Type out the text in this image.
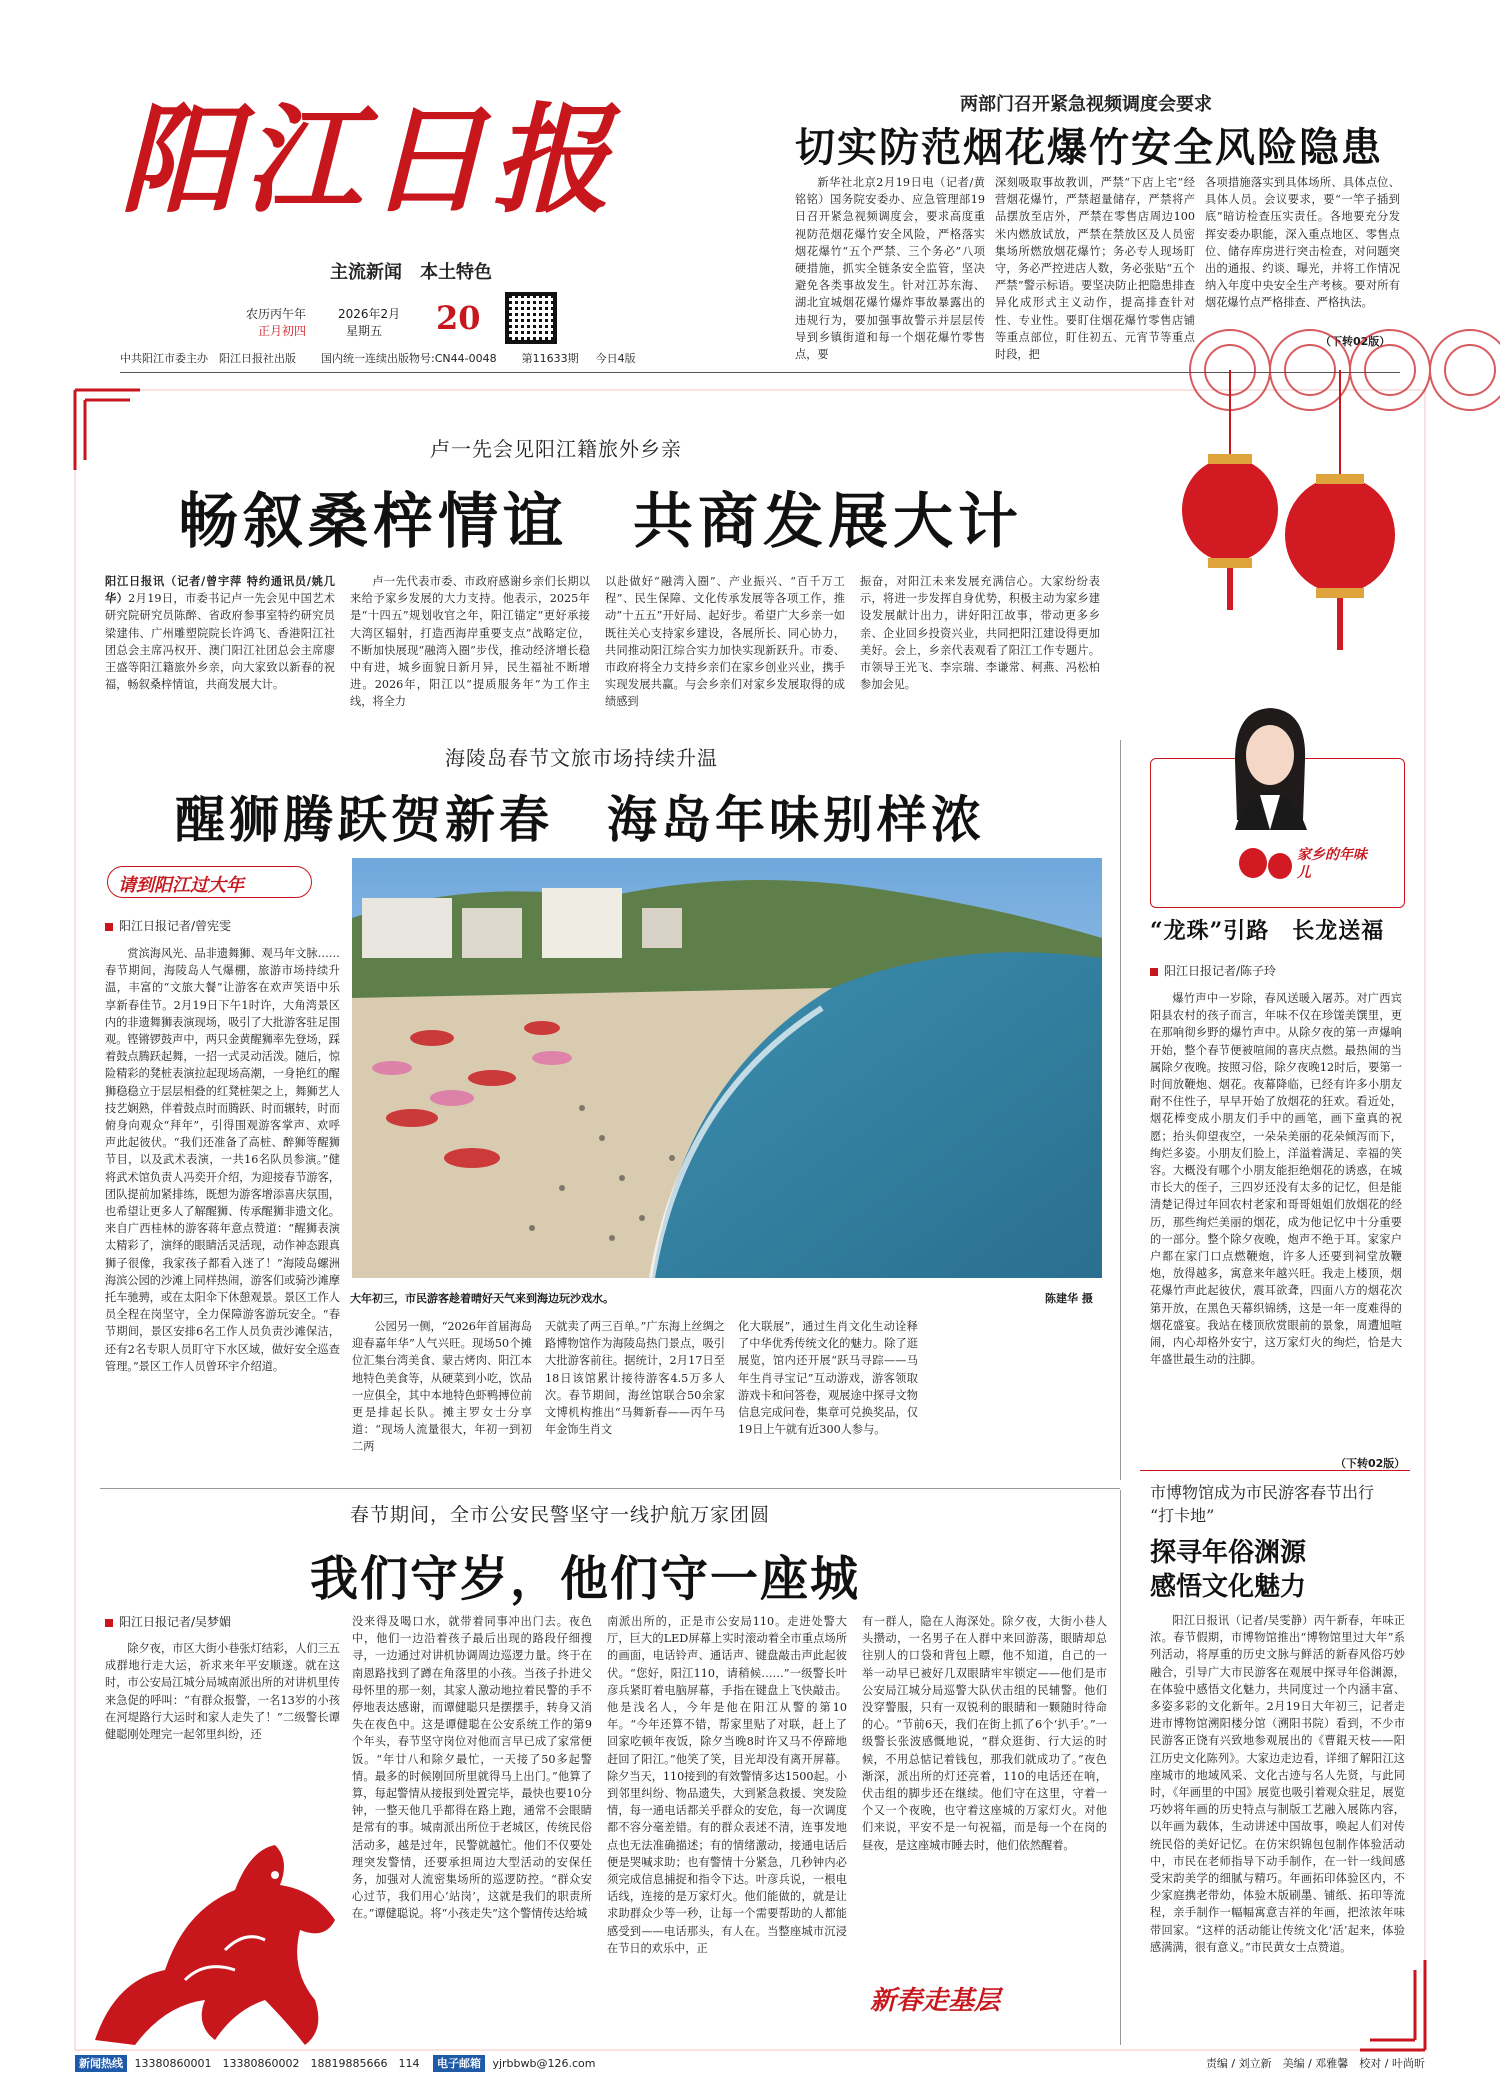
阳江日报
主流新闻　本土特色
农历丙午年
正月初四
2026年2月
星期五 20
中共阳江市委主办　阳江日报社出版 国内统一连续出版物号:CN44-0048 第11633期 今日4版
两部门召开紧急视频调度会要求
切实防范烟花爆竹安全风险隐患

新华社北京2月19日电（记者/黄铭铭）国务院安委办、应急管理部19日召开紧急视频调度会，要求高度重视防范烟花爆竹安全风险，严格落实烟花爆竹“五个严禁、三个务必”八项硬措施，抓实全链条安全监管，坚决避免各类事故发生。针对江苏东海、湖北宜城烟花爆竹爆炸事故暴露出的违规行为，要加强事故警示并层层传导到乡镇街道和每一个烟花爆竹零售点，要

深刻吸取事故教训，严禁“下店上宅”经营烟花爆竹，严禁超量储存，严禁将产品摆放至店外，严禁在零售店周边100米内燃放试放，严禁在禁放区及人员密集场所燃放烟花爆竹；务必专人现场盯守，务必严控进店人数，务必张贴“五个严禁”警示标语。要坚决防止把隐患排查异化成形式主义动作，提高排查针对性、专业性。要盯住烟花爆竹零售店铺等重点部位，盯住初五、元宵节等重点时段，把

各项措施落实到具体场所、具体点位、具体人员。会议要求，要“一竿子插到底”暗访检查压实责任。各地要充分发挥安委办职能，深入重点地区、零售点位、储存库房进行突击检查，对问题突出的通报、约谈、曝光，并将工作情况纳入年度中央安全生产考核。要对所有烟花爆竹点严格排查、严格执法。

（下转02版）
卢一先会见阳江籍旅外乡亲
畅叙桑梓情谊　共商发展大计

阳江日报讯（记者/曾宇萍 特约通讯员/姚几华）2月19日，市委书记卢一先会见中国艺术研究院研究员陈醉、省政府参事室特约研究员梁建伟、广州雕塑院院长许鸿飞、香港阳江社团总会主席冯权开、澳门阳江社团总会主席廖王盛等阳江籍旅外乡亲，向大家致以新春的祝福，畅叙桑梓情谊，共商发展大计。

卢一先代表市委、市政府感谢乡亲们长期以来给予家乡发展的大力支持。他表示，2025年是“十四五”规划收官之年，阳江锚定“更好承接大湾区辐射，打造西海岸重要支点”战略定位，不断加快展现“融湾入圈”步伐，推动经济增长稳中有进，城乡面貌日新月异，民生福祉不断增进。2026年，阳江以“提质服务年”为工作主线，将全力

以赴做好“融湾入圈”、产业振兴、“百千万工程”、民生保障、文化传承发展等各项工作，推动“十五五”开好局、起好步。希望广大乡亲一如既往关心支持家乡建设，各展所长、同心协力，共同推动阳江综合实力加快实现新跃升。市委、市政府将全力支持乡亲们在家乡创业兴业，携手实现发展共赢。与会乡亲们对家乡发展取得的成绩感到

振奋，对阳江未来发展充满信心。大家纷纷表示，将进一步发挥自身优势，积极主动为家乡建设发展献计出力，讲好阳江故事，带动更多乡亲、企业回乡投资兴业，共同把阳江建设得更加美好。会上，乡亲代表观看了阳江工作专题片。市领导王光飞、李宗瑞、李谦常、柯燕、冯松柏参加会见。

海陵岛春节文旅市场持续升温
醒狮腾跃贺新春　海岛年味别样浓
请到阳江过大年
阳江日报记者/曾宪雯

赏滨海风光、品非遗舞狮、观马年文脉……春节期间，海陵岛人气爆棚，旅游市场持续升温，丰富的“文旅大餐”让游客在欢声笑语中乐享新春佳节。2月19日下午1时许，大角湾景区内的非遗舞狮表演现场，吸引了大批游客驻足围观。铿锵锣鼓声中，两只金黄醒狮率先登场，踩着鼓点腾跃起舞，一招一式灵动活泼。随后，惊险精彩的凳桩表演拉起现场高潮，一身艳红的醒狮稳稳立于层层相叠的红凳桩架之上，舞狮艺人技艺娴熟，伴着鼓点时而腾跃、时而辗转，时而俯身向观众“拜年”，引得围观游客掌声、欢呼声此起彼伏。“我们还准备了高桩、醉狮等醒狮节目，以及武术表演，一共16名队员参演。”健将武术馆负责人冯奕开介绍，为迎接春节游客，团队提前加紧排练，既想为游客增添喜庆氛围，也希望让更多人了解醒狮、传承醒狮非遗文化。来自广西桂林的游客蒋年意点赞道：“醒狮表演太精彩了，演绎的眼睛活灵活现，动作神态跟真狮子很像，我家孩子都看入迷了！”海陵岛螺洲海滨公园的沙滩上同样热闹，游客们或骑沙滩摩托车驰骋，或在太阳伞下休憩观景。景区工作人员全程在岗坚守，全力保障游客游玩安全。“春节期间，景区安排6名工作人员负责沙滩保洁，还有2名专职人员盯守下水区域，做好安全巡查管理。”景区工作人员曾环宇介绍道。

大年初三，市民游客趁着晴好天气来到海边玩沙戏水。	陈建华 摄

公园另一侧，“2026年首届海岛迎春嘉年华”人气兴旺。现场50个摊位汇集台湾美食、蒙古烤肉、阳江本地特色美食等，从硬菜到小吃，饮品一应俱全，其中本地特色虾鸭搏位前更是排起长队。摊主罗女士分享道：“现场人流量很大，年初一到初二两

天就卖了两三百单。”广东海上丝绸之路博物馆作为海陵岛热门景点，吸引大批游客前往。据统计，2月17日至18日该馆累计接待游客4.5万多人次。春节期间，海丝馆联合50余家文博机构推出“马舞新春——丙午马年金饰生肖文

化大联展”，通过生肖文化生动诠释了中华优秀传统文化的魅力。除了逛展览，馆内还开展“跃马寻踪——马年生肖寻宝记”互动游戏，游客领取游戏卡和问答卷，观展途中探寻文物信息完成问卷，集章可兑换奖品，仅19日上午就有近300人参与。

家乡的年味儿
“龙珠”引路　长龙送福
阳江日报记者/陈子玲

爆竹声中一岁除，春风送暖入屠苏。对广西宾阳县农村的孩子而言，年味不仅在珍馐美馔里，更在那响彻乡野的爆竹声中。从除夕夜的第一声爆响开始，整个春节便被喧闹的喜庆点燃。最热闹的当属除夕夜晚。按照习俗，除夕夜晚12时后，要第一时间放鞭炮、烟花。夜幕降临，已经有许多小朋友耐不住性子，早早开始了放烟花的狂欢。看近处，烟花棒变成小朋友们手中的画笔，画下童真的祝愿；抬头仰望夜空，一朵朵美丽的花朵倾泻而下，绚烂多姿。小朋友们脸上，洋溢着满足、幸福的笑容。大概没有哪个小朋友能拒绝烟花的诱惑，在城市长大的侄子，三四岁还没有太多的记忆，但是能清楚记得过年回农村老家和哥哥姐姐们放烟花的经历，那些绚烂美丽的烟花，成为他记忆中十分重要的一部分。整个除夕夜晚，炮声不绝于耳。家家户户都在家门口点燃鞭炮，许多人还要到祠堂放鞭炮，放得越多，寓意来年越兴旺。我走上楼顶，烟花爆竹声此起彼伏，震耳欲聋，四面八方的烟花次第开放，在黑色天幕织锦绣，这是一年一度难得的烟花盛宴。我站在楼顶欣赏眼前的景象，周遭旭喧闹，内心却格外安宁，这万家灯火的绚烂，恰是大年盛世最生动的注脚。

（下转02版）
市博物馆成为市民游客春节出行
“打卡地”
探寻年俗渊源
感悟文化魅力

阳江日报讯（记者/吴雯静）丙午新春，年味正浓。春节假期，市博物馆推出“博物馆里过大年”系列活动，将厚重的历史文脉与鲜活的新春风俗巧妙融合，引导广大市民游客在观展中探寻年俗渊源，在体验中感悟文化魅力，共同度过一个内涵丰富、多姿多彩的文化新年。2月19日大年初三，记者走进市博物馆溯阳楼分馆（溯阳书院）看到，不少市民游客正饶有兴致地参观展出的《曹錕天枝——阳江历史文化陈列》。大家边走边看，详细了解阳江这座城市的地域风采、文化古迹与名人先贤，与此同时，《年画里的中国》展览也吸引着观众驻足，展览巧妙将年画的历史特点与制版工艺融入展陈内容，以年画为载体，生动讲述中国故事，唤起人们对传统民俗的美好记忆。在仿宋织锦包包制作体验活动中，市民在老师指导下动手制作，在一针一线间感受宋韵美学的细腻与精巧。年画拓印体验区内，不少家庭携老带幼，体验木版刷墨、铺纸、拓印等流程，亲手制作一幅幅寓意吉祥的年画，把浓浓年味带回家。“这样的活动能让传统文化‘活’起来，体验感满满，很有意义。”市民黄女士点赞道。

春节期间，全市公安民警坚守一线护航万家团圆
我们守岁，他们守一座城
阳江日报记者/吴梦媚

除夕夜，市区大街小巷张灯结彩，人们三五成群地行走大运，祈求来年平安顺遂。就在这时，市公安局江城分局城南派出所的对讲机里传来急促的呼叫：“有群众报警，一名13岁的小孩在河堤路行大运时和家人走失了！”二级警长谭健聪刚处理完一起邻里纠纷，还

没来得及喝口水，就带着同事冲出门去。夜色中，他们一边沿着孩子最后出现的路段仔细搜寻，一边通过对讲机协调周边巡逻力量。终于在南恩路找到了蹲在角落里的小孩。当孩子扑进父母怀里的那一刻，其家人激动地拉着民警的手不停地表达感谢，而谭健聪只是摆摆手，转身又消失在夜色中。这是谭健聪在公安系统工作的第9个年头，春节坚守岗位对他而言早已成了家常便饭。“年廿八和除夕最忙，一天接了50多起警情。最多的时候刚回所里就得马上出门。”他算了算，每起警情从接报到处置完毕，最快也要10分钟，一整天他几乎都得在路上跑，通常不会眼睛是常有的事。城南派出所位于老城区，传统民俗活动多，越是过年，民警就越忙。他们不仅要处理突发警情，还要承担周边大型活动的安保任务，加强对人流密集场所的巡逻防控。“群众安心过节，我们用心‘站岗’，这就是我们的职责所在。”谭健聪说。将“小孩走失”这个警情传达给城

南派出所的，正是市公安局110。走进处警大厅，巨大的LED屏幕上实时滚动着全市重点场所的画面，电话铃声、通话声、键盘敲击声此起彼伏。“您好，阳江110，请稍候……”一级警长叶彦兵紧盯着电脑屏幕，手指在键盘上飞快敲击。他是浅名人，今年是他在阳江从警的第10年。“今年还算不错，帮家里贴了对联，赶上了回家吃顿年夜饭，除夕当晚8时许又马不停蹄地赶回了阳江。”他笑了笑，目光却没有离开屏幕。除夕当天，110接到的有效警情多达1500起。小到邻里纠纷、物品遗失，大到紧急救援、突发险情，每一通电话都关乎群众的安危，每一次调度都不容分毫差错。有的群众表述不清，连事发地点也无法准确描述；有的情绪激动，接通电话后便是哭喊求助；也有警情十分紧急，几秒钟内必须完成信息捕捉和指令下达。叶彦兵说，一根电话线，连接的是万家灯火。他们能做的，就是让求助群众少等一秒，让每一个需要帮助的人都能感受到——电话那头，有人在。当整座城市沉浸在节日的欢乐中，正

有一群人，隐在人海深处。除夕夜，大街小巷人头攒动，一名男子在人群中来回游荡，眼睛却总往别人的口袋和背包上瞟，他不知道，自己的一举一动早已被好几双眼睛牢牢锁定——他们是市公安局江城分局巡警大队伏击组的民辅警。他们没穿警服，只有一双锐利的眼睛和一颗随时待命的心。“节前6天，我们在街上抓了6个‘扒手’。”一级警长张波感慨地说，“群众逛街、行大运的时候，不用总惦记着钱包，那我们就成功了。”夜色渐深，派出所的灯还亮着，110的电话还在响，伏击组的脚步还在继续。他们守在这里，守着一个又一个夜晚，也守着这座城的万家灯火。对他们来说，平安不是一句祝福，而是每一个在岗的昼夜，是这座城市睡去时，他们依然醒着。

新春走基层
新闻热线 13380860001　13380860002　18819885666　114 电子邮箱 yjrbbwb@126.com	责编 / 刘立新　美编 / 邓雅馨　校对 / 叶尚昕
